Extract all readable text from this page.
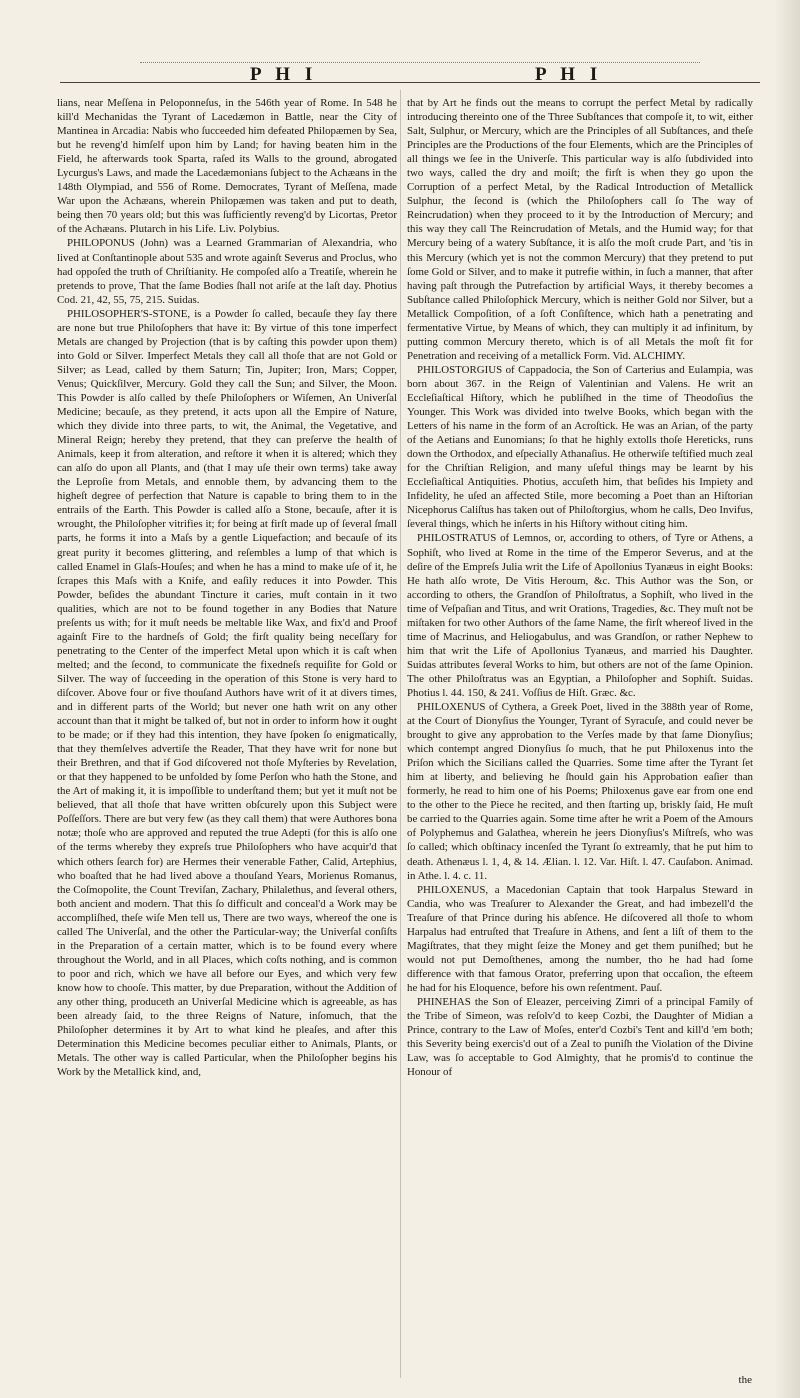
P H I	P H I

lians, near Meſſena in Peloponneſus, in the 546th year of Rome. In 548 he kill'd Mechanidas the Tyrant of Lacedæmon in Battle, near the City of Mantinea in Arcadia: Nabis who ſucceeded him defeated Philopæmen by Sea, but he reveng'd himſelf upon him by Land; for having beaten him in the Field, he afterwards took Sparta, raſed its Walls to the ground, abrogated Lycurgus's Laws, and made the Lacedæmonians ſubject to the Achæans in the 148th Olympiad, and 556 of Rome. Democrates, Tyrant of Meſſena, made War upon the Achæans, wherein Philopæmen was taken and put to death, being then 70 years old; but this was ſufficiently reveng'd by Licortas, Pretor of the Achæans. Plutarch in his Life. Liv. Polybius.

PHILOPONUS (John) was a Learned Grammarian of Alexandria, who lived at Conſtantinople about 535 and wrote againſt Severus and Proclus, who had oppoſed the truth of Chriſtianity. He compoſed alſo a Treatiſe, wherein he pretends to prove, That the ſame Bodies ſhall not ariſe at the laſt day. Photius Cod. 21, 42, 55, 75, 215. Suidas.

PHILOSOPHER'S-STONE, is a Powder ſo called, becauſe they ſay there are none but true Philoſophers that have it: By virtue of this tone imperfect Metals are changed by Projection (that is by caſting this powder upon them) into Gold or Silver. Imperfect Metals they call all thoſe that are not Gold or Silver; as Lead, called by them Saturn; Tin, Jupiter; Iron, Mars; Copper, Venus; Quickſilver, Mercury. Gold they call the Sun; and Silver, the Moon. This Powder is alſo called by theſe Philoſophers or Wiſemen, An Univerſal Medicine; becauſe, as they pretend, it acts upon all the Empire of Nature, which they divide into three parts, to wit, the Animal, the Vegetative, and Mineral Reign; hereby they pretend, that they can preſerve the health of Animals, keep it from alteration, and reſtore it when it is altered; which they can alſo do upon all Plants, and (that I may uſe their own terms) take away the Leproſie from Metals, and ennoble them, by advancing them to the higheſt degree of perfection that Nature is capable to bring them to in the entrails of the Earth. This Powder is called alſo a Stone, becauſe, after it is wrought, the Philoſopher vitrifies it; for being at firſt made up of ſeveral ſmall parts, he forms it into a Maſs by a gentle Liquefaction; and becauſe of its great purity it becomes glittering, and reſembles a lump of that which is called Enamel in Glaſs-Houſes; and when he has a mind to make uſe of it, he ſcrapes this Maſs with a Knife, and eaſily reduces it into Powder. This Powder, beſides the abundant Tincture it caries, muſt contain in it two qualities, which are not to be found together in any Bodies that Nature preſents us with; for it muſt needs be meltable like Wax, and fix'd and Proof againſt Fire to the hardneſs of Gold; the firſt quality being neceſſary for penetrating to the Center of the imperfect Metal upon which it is caſt when melted; and the ſecond, to communicate the fixedneſs requiſite for Gold or Silver. The way of ſucceeding in the operation of this Stone is very hard to diſcover. Above four or five thouſand Authors have writ of it at divers times, and in different parts of the World; but never one hath writ on any other account than that it might be talked of, but not in order to inform how it ought to be made; or if they had this intention, they have ſpoken ſo enigmatically, that they themſelves advertiſe the Reader, That they have writ for none but their Brethren, and that if God diſcovered not thoſe Myſteries by Revelation, or that they happened to be unfolded by ſome Perſon who hath the Stone, and the Art of making it, it is impoſſible to underſtand them; but yet it muſt not be believed, that all thoſe that have written obſcurely upon this Subject were Poſſeſſors. There are but very few (as they call them) that were Authores bona notæ; thoſe who are approved and reputed the true Adepti (for this is alſo one of the terms whereby they expreſs true Philoſophers who have acquir'd that which others ſearch for) are Hermes their venerable Father, Calid, Artephius, who boaſted that he had lived above a thouſand Years, Morienus Romanus, the Coſmopolite, the Count Treviſan, Zachary, Philalethus, and ſeveral others, both ancient and modern. That this ſo difficult and conceal'd a Work may be accompliſhed, theſe wiſe Men tell us, There are two ways, whereof the one is called The Univerſal, and the other the Particular-way; the Univerſal conſiſts in the Preparation of a certain matter, which is to be found every where throughout the World, and in all Places, which coſts nothing, and is common to poor and rich, which we have all before our Eyes, and which very few know how to chooſe. This matter, by due Preparation, without the Addition of any other thing, produceth an Univerſal Medicine which is agreeable, as has been already ſaid, to the three Reigns of Nature, inſomuch, that the Philoſopher determines it by Art to what kind he pleaſes, and after this Determination this Medicine becomes peculiar either to Animals, Plants, or Metals. The other way is called Particular, when the Philoſopher begins his Work by the Metallick kind, and,

that by Art he finds out the means to corrupt the perfect Metal by radically introducing thereinto one of the Three Subſtances that compoſe it, to wit, either Salt, Sulphur, or Mercury, which are the Principles of all Subſtances, and theſe Principles are the Productions of the four Elements, which are the Principles of all things we ſee in the Univerſe. This particular way is alſo ſubdivided into two ways, called the dry and moiſt; the firſt is when they go upon the Corruption of a perfect Metal, by the Radical Introduction of Metallick Sulphur, the ſecond is (which the Philoſophers call ſo The way of Reincrudation) when they proceed to it by the Introduction of Mercury; and this way they call The Reincrudation of Metals, and the Humid way; for that Mercury being of a watery Subſtance, it is alſo the moſt crude Part, and 'tis in this Mercury (which yet is not the common Mercury) that they pretend to put ſome Gold or Silver, and to make it putrefie within, in ſuch a manner, that after having paſt through the Putrefaction by artificial Ways, it thereby becomes a Subſtance called Philoſophick Mercury, which is neither Gold nor Silver, but a Metallick Compoſition, of a ſoft Conſiſtence, which hath a penetrating and fermentative Virtue, by Means of which, they can multiply it ad infinitum, by putting common Mercury thereto, which is of all Metals the moſt fit for Penetration and receiving of a metallick Form. Vid. ALCHIMY.

PHILOSTORGIUS of Cappadocia, the Son of Carterius and Eulampia, was born about 367. in the Reign of Valentinian and Valens. He writ an Eccleſiaſtical Hiſtory, which he publiſhed in the time of Theodoſius the Younger. This Work was divided into twelve Books, which began with the Letters of his name in the form of an Acroſtick. He was an Arian, of the party of the Aetians and Eunomians; ſo that he highly extolls thoſe Hereticks, runs down the Orthodox, and eſpecially Athanaſius. He otherwiſe teſtified much zeal for the Chriſtian Religion, and many uſeful things may be learnt by his Eccleſiaſtical Antiquities. Photius, accuſeth him, that beſides his Impiety and Infidelity, he uſed an affected Stile, more becoming a Poet than an Hiſtorian Nicephorus Caliſtus has taken out of Philoſtorgius, whom he calls, Deo Invifus, ſeveral things, which he inſerts in his Hiſtory without citing him.

PHILOSTRATUS of Lemnos, or, according to others, of Tyre or Athens, a Sophiſt, who lived at Rome in the time of the Emperor Severus, and at the deſire of the Empreſs Julia writ the Life of Apollonius Tyanæus in eight Books: He hath alſo wrote, De Vitis Heroum, &c. This Author was the Son, or according to others, the Grandſon of Philoſtratus, a Sophiſt, who lived in the time of Veſpaſian and Titus, and writ Orations, Tragedies, &c. They muſt not be miſtaken for two other Authors of the ſame Name, the firſt whereof lived in the time of Macrinus, and Heliogabulus, and was Grandſon, or rather Nephew to him that writ the Life of Apollonius Tyanæus, and married his Daughter. Suidas attributes ſeveral Works to him, but others are not of the ſame Opinion. The other Philoſtratus was an Egyptian, a Philoſopher and Sophiſt. Suidas. Photius l. 44. 150, & 241. Voſſius de Hiſt. Græc. &c.

PHILOXENUS of Cythera, a Greek Poet, lived in the 388th year of Rome, at the Court of Dionyſius the Younger, Tyrant of Syracuſe, and could never be brought to give any approbation to the Verſes made by that ſame Dionyſius; which contempt angred Dionyſius ſo much, that he put Philoxenus into the Priſon which the Sicilians called the Quarries. Some time after the Tyrant ſet him at liberty, and believing he ſhould gain his Approbation eaſier than formerly, he read to him one of his Poems; Philoxenus gave ear from one end to the other to the Piece he recited, and then ſtarting up, briskly ſaid, He muſt be carried to the Quarries again. Some time after he writ a Poem of the Amours of Polyphemus and Galathea, wherein he jeers Dionyſius's Miſtreſs, who was ſo called; which obſtinacy incenſed the Tyrant ſo extreamly, that he put him to death. Athenæus l. 1, 4, & 14. Ælian. l. 12. Var. Hiſt. l. 47. Cauſabon. Animad. in Athe. l. 4. c. 11.

PHILOXENUS, a Macedonian Captain that took Harpalus Steward in Candia, who was Treaſurer to Alexander the Great, and had imbezell'd the Treaſure of that Prince during his abſence. He diſcovered all thoſe to whom Harpalus had entruſted that Treaſure in Athens, and ſent a liſt of them to the Magiſtrates, that they might ſeize the Money and get them puniſhed; but he would not put Demoſthenes, among the number, tho he had had ſome difference with that famous Orator, preferring upon that occaſion, the eſteem he had for his Eloquence, before his own reſentment. Pauſ.

PHINEHAS the Son of Eleazer, perceiving Zimri of a principal Family of the Tribe of Simeon, was reſolv'd to keep Cozbi, the Daughter of Midian a Prince, contrary to the Law of Moſes, enter'd Cozbi's Tent and kill'd 'em both; this Severity being exercis'd out of a Zeal to puniſh the Violation of the Divine Law, was ſo acceptable to God Almighty, that he promis'd to continue the Honour of

the
